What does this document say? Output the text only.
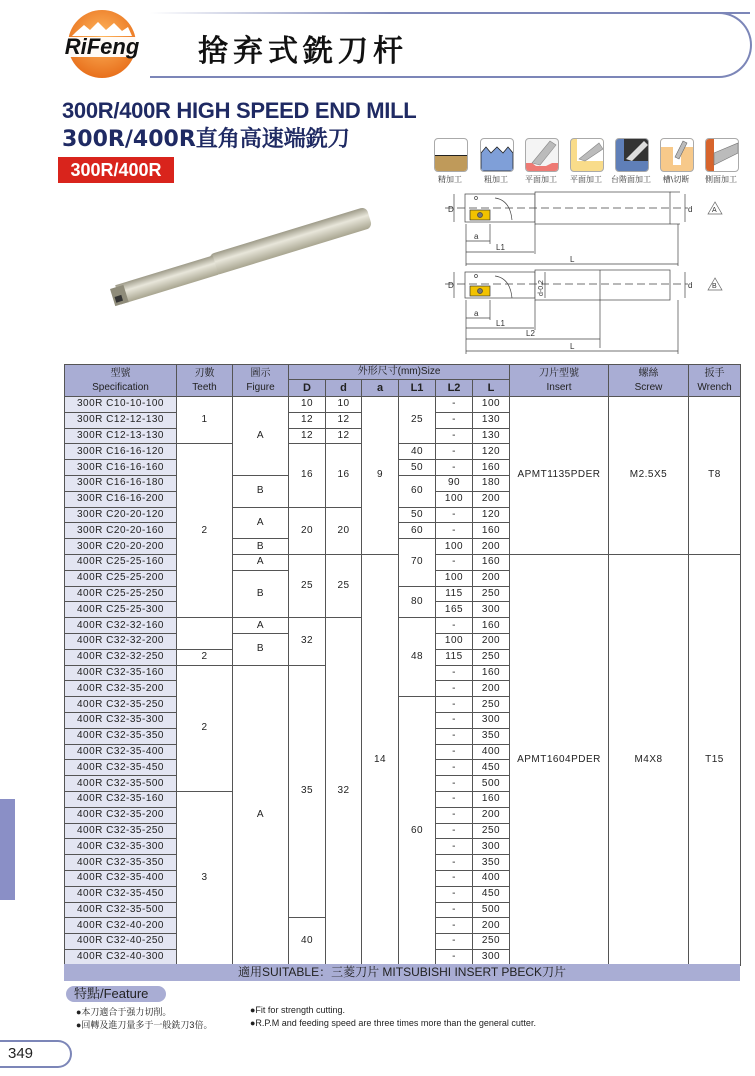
RiFeng 捨弃式銑刀杆
300R/400R HIGH SPEED END MILL
300R/400R直角高速端銑刀
300R/400R	精加工	粗加工	平面加工	平面加工	台階面加工	槽\切断	側面加工
D	d
a
L1
L
A
D	d
a
L1
L2
L
d-0.2	B
型號
Specification	刃數
Teeth	圖示
Figure	外形尺寸(mm)Size						刀片型號
Insert	螺絲
Screw	扳手
Wrench
			D	d	a	L1	L2	L			
300R C10-10-100	1	A	10	10	9	25	-	100	APMT1135PDER	M2.5X5	T8
300R C12-12-130			12	12			-	130			
300R C12-13-130			12	12			-	130			
300R C16-16-120	2		16	16		40	-	120			
300R C16-16-160						50	-	160			
300R C16-16-180		B				60	90	180			
300R C16-16-200							100	200			
300R C20-20-120		A	20	20		50	-	120			
300R C20-20-160						60	-	160			
300R C20-20-200		B				70	100	200			
400R C25-25-160		A	25	25	14		-	160	APMT1604PDER	M4X8	T15
400R C25-25-200		B					100	200			
400R C25-25-250						80	115	250			
400R C25-25-300							165	300			
400R C32-32-160		A	32	32		48	-	160			
400R C32-32-200		B					100	200			
400R C32-32-250	2						115	250			
400R C32-35-160	2	A	35				-	160			
400R C32-35-200							-	200			
400R C32-35-250						60	-	250			
400R C32-35-300							-	300			
400R C32-35-350							-	350			
400R C32-35-400							-	400			
400R C32-35-450							-	450			
400R C32-35-500							-	500			
400R C32-35-160	3						-	160			
400R C32-35-200							-	200			
400R C32-35-250							-	250			
400R C32-35-300							-	300			
400R C32-35-350							-	350			
400R C32-35-400							-	400			
400R C32-35-450							-	450			
400R C32-35-500							-	500			
400R C32-40-200			40				-	200			
400R C32-40-250							-	250			
400R C32-40-300							-	300			
適用SUITABLE：三菱刀片 MITSUBISHI INSERT PBECK刀片
特點/Feature
●本刀適合于强力切削。
●回轉及進刀量多于一般銑刀3倍。
●Fit for strength cutting.
●R.P.M and feeding speed are three times more than the general cutter.
349
